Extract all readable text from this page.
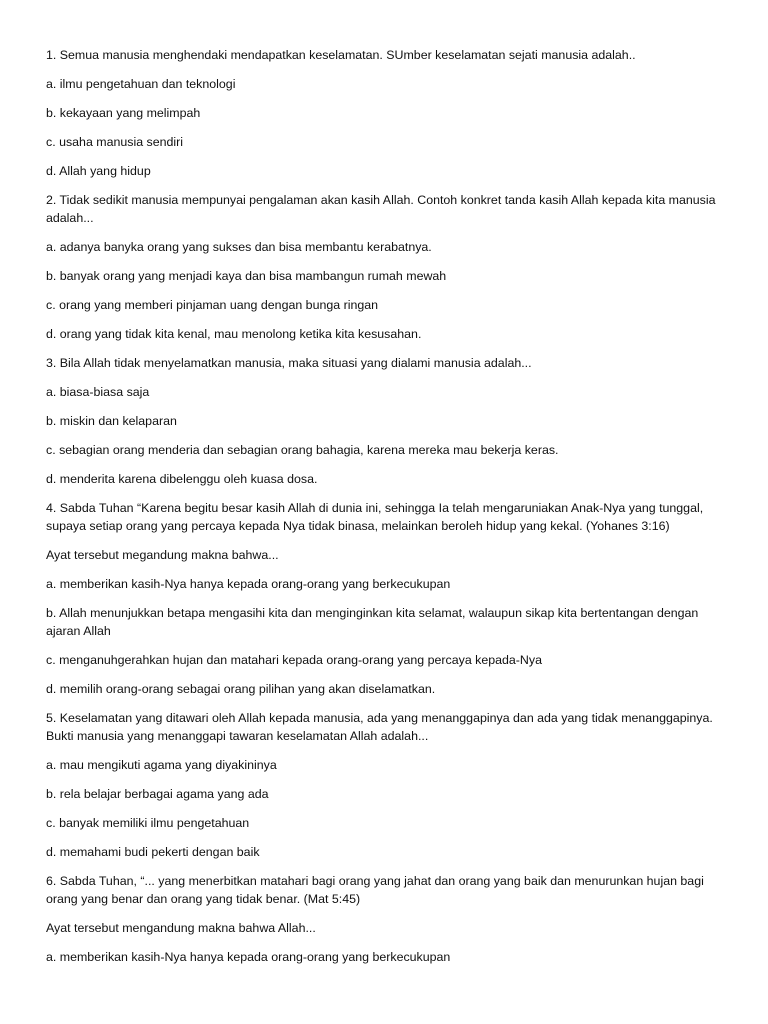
1. Semua manusia menghendaki mendapatkan keselamatan. SUmber keselamatan sejati manusia adalah..

a. ilmu pengetahuan dan teknologi

b. kekayaan yang melimpah

c. usaha manusia sendiri

d. Allah yang hidup

2. Tidak sedikit manusia mempunyai pengalaman akan kasih Allah. Contoh konkret tanda kasih Allah kepada kita manusia adalah...

a. adanya banyka orang yang sukses dan bisa membantu kerabatnya.

b. banyak orang yang menjadi kaya dan bisa mambangun rumah mewah

c. orang yang memberi pinjaman uang dengan bunga ringan

d. orang yang tidak kita kenal, mau menolong ketika kita kesusahan.

3. Bila Allah tidak menyelamatkan manusia, maka situasi yang dialami manusia adalah...

a. biasa-biasa saja

b. miskin dan kelaparan

c. sebagian orang menderia dan sebagian orang bahagia, karena mereka mau bekerja keras.

d. menderita karena dibelenggu oleh kuasa dosa.

4. Sabda Tuhan “Karena begitu besar kasih Allah di dunia ini, sehingga Ia telah mengaruniakan Anak-Nya yang tunggal, supaya setiap orang yang percaya kepada Nya tidak binasa, melainkan beroleh hidup yang kekal. (Yohanes 3:16)

Ayat tersebut megandung makna bahwa...

a. memberikan kasih-Nya hanya kepada orang-orang yang berkecukupan

b. Allah menunjukkan betapa mengasihi kita dan menginginkan kita selamat, walaupun sikap kita bertentangan dengan ajaran Allah

c. menganuhgerahkan hujan dan matahari kepada orang-orang yang percaya kepada-Nya

d. memilih orang-orang sebagai orang pilihan yang akan diselamatkan.

5. Keselamatan yang ditawari oleh Allah kepada manusia, ada yang menanggapinya dan ada yang tidak menanggapinya. Bukti manusia yang menanggapi tawaran keselamatan Allah adalah...

a. mau mengikuti agama yang diyakininya

b. rela belajar berbagai agama yang ada

c. banyak memiliki ilmu pengetahuan

d. memahami budi pekerti dengan baik

6. Sabda Tuhan, “... yang menerbitkan matahari bagi orang yang jahat dan orang yang baik dan menurunkan hujan bagi orang yang benar dan orang yang tidak benar. (Mat 5:45)

Ayat tersebut mengandung makna bahwa Allah...

a. memberikan kasih-Nya hanya kepada orang-orang yang berkecukupan
